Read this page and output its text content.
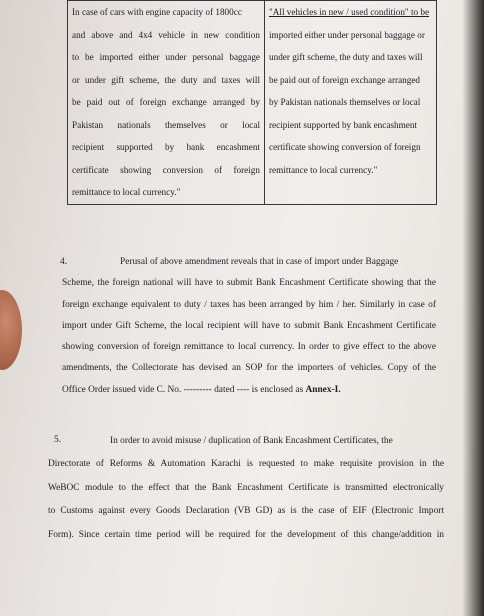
In case of cars with engine capacity of 1800cc
and above and 4x4 vehicle in new condition
to be imported either under personal baggage
or under gift scheme, the duty and taxes will
be paid out of foreign exchange arranged by
Pakistan nationals themselves or local
recipient supported by bank encashment
certificate showing conversion of foreign
remittance to local currency."

"All vehicles in new / used condition" to be
imported either under personal baggage or
under gift scheme, the duty and taxes will
be paid out of foreign exchange arranged
by Pakistan nationals themselves or local
recipient supported by bank encashment
certificate showing conversion of foreign
remittance to local currency."
4.	Perusal of above amendment reveals that in case of import under Baggage
Scheme, the foreign national will have to submit Bank Encashment Certificate showing that the
foreign exchange equivalent to duty / taxes has been arranged by him / her. Similarly in case of
import under Gift Scheme, the local recipient will have to submit Bank Encashment Certificate
showing conversion of foreign remittance to local currency. In order to give effect to the above
amendments, the Collectorate has devised an SOP for the importers of vehicles. Copy of the
Office Order issued vide C. No. --------- dated ---- is enclosed as Annex-I.
5.	In order to avoid misuse / duplication of Bank Encashment Certificates, the
Directorate of Reforms & Automation Karachi is requested to make requisite provision in the
WeBOC module to the effect that the Bank Encashment Certificate is transmitted electronically
to Customs against every Goods Declaration (VB GD) as is the case of EIF (Electronic Import
Form). Since certain time period will be required for the development of this change/addition in
